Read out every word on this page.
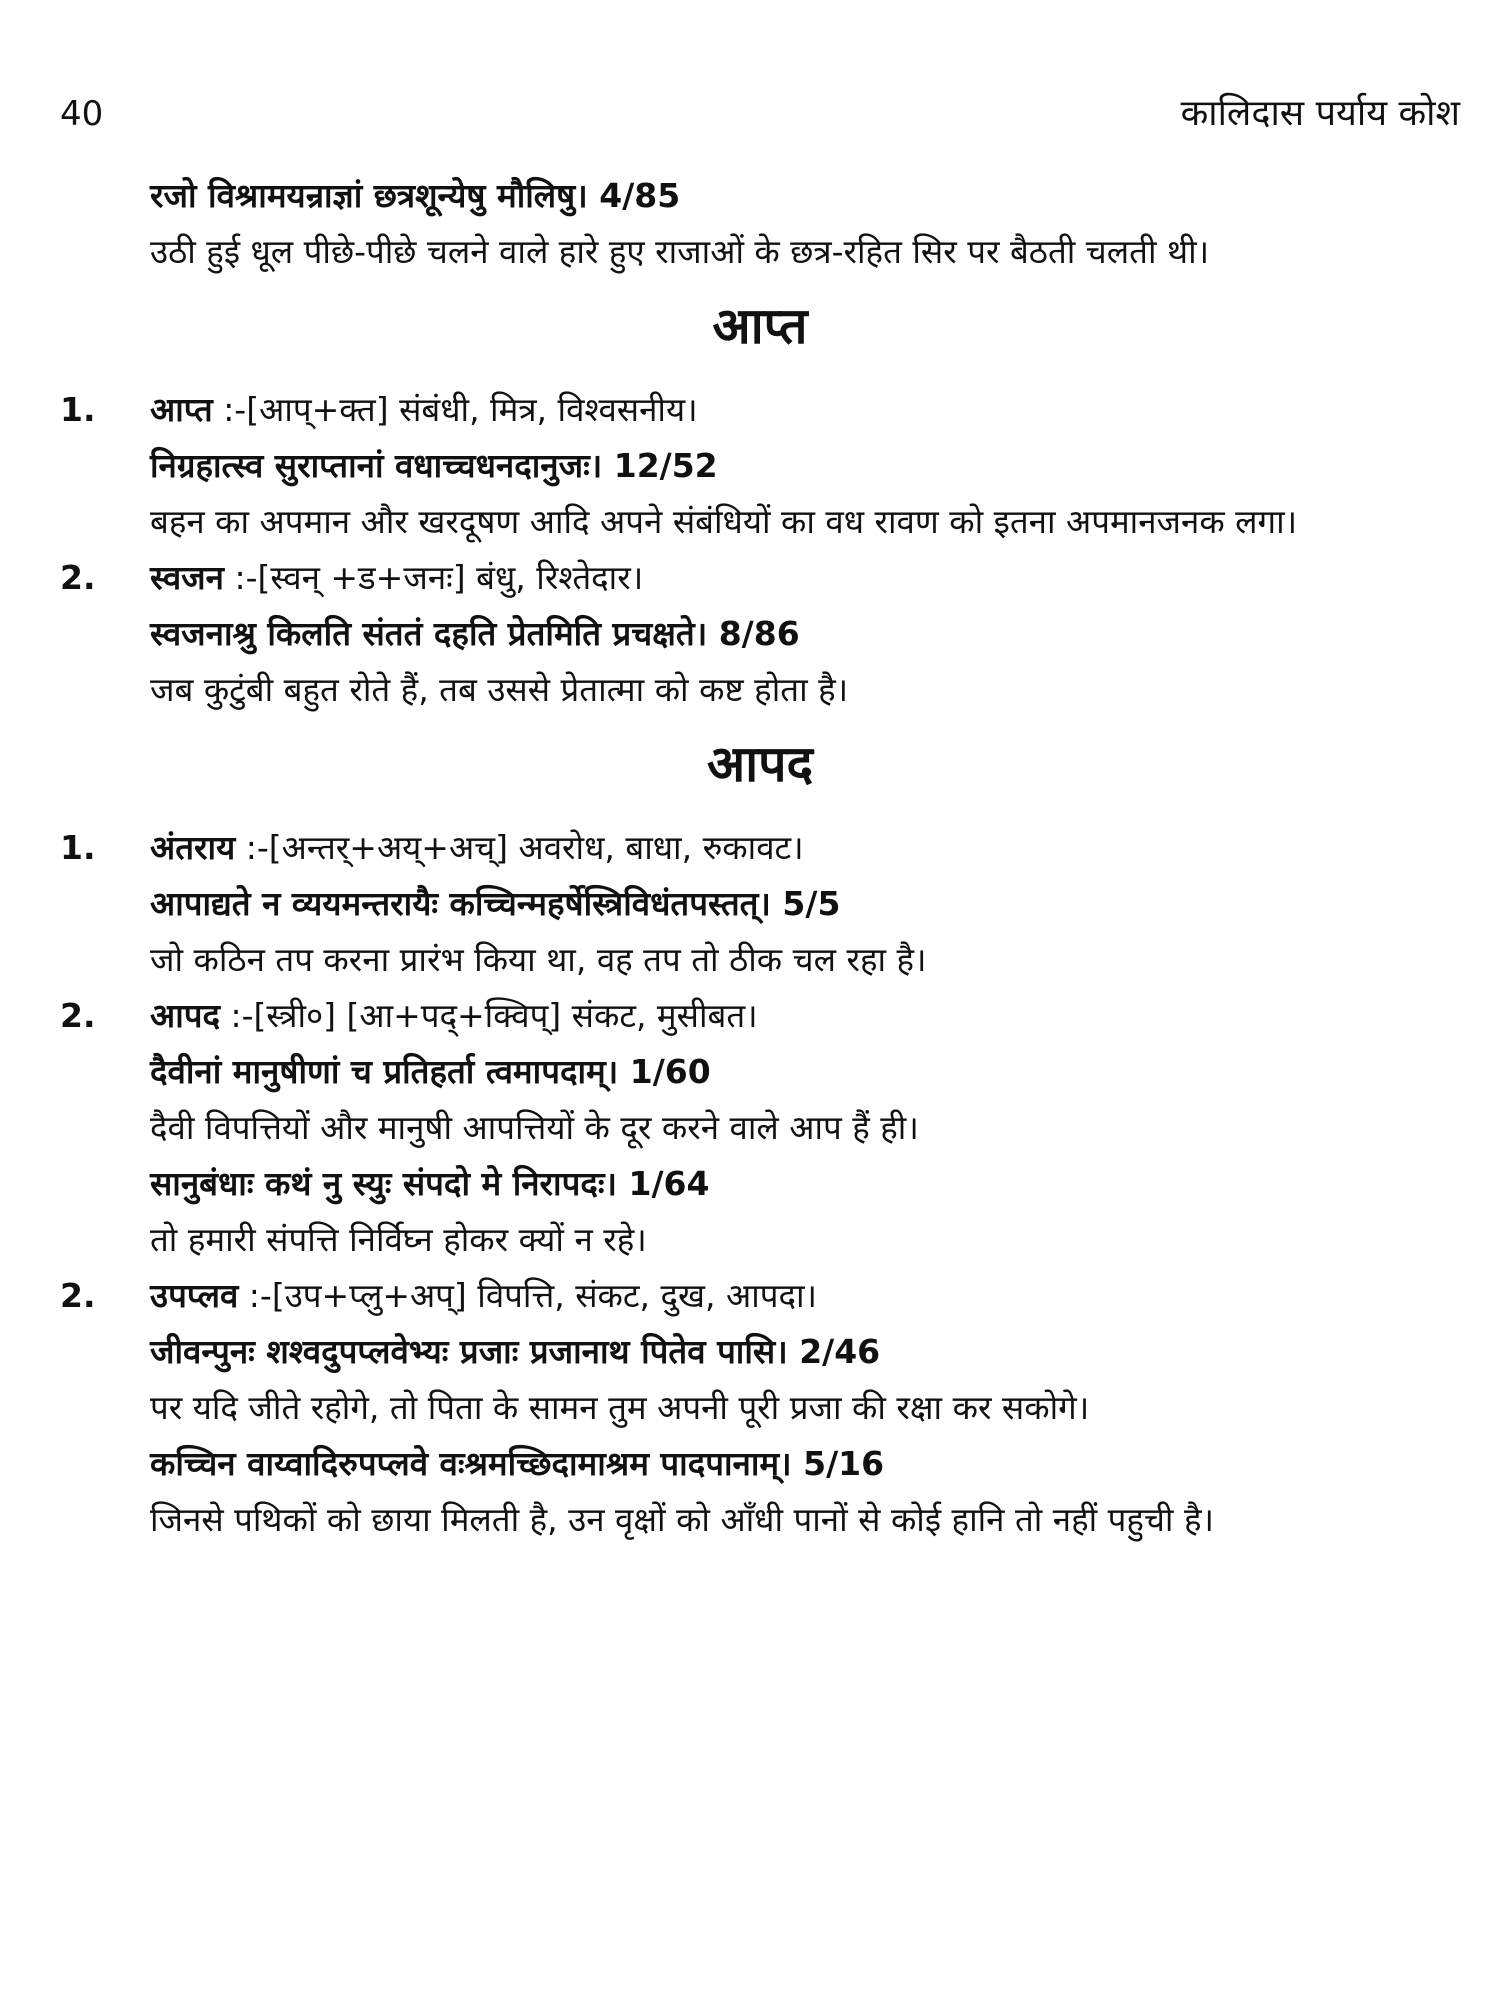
40	कालिदास पर्याय कोश
रजो विश्रामयन्राज्ञां छत्रशून्येषु मौलिषु। 4/85
उठी हुई धूल पीछे-पीछे चलने वाले हारे हुए राजाओं के छत्र-रहित सिर पर बैठती चलती थी।
आप्त
1. आप्त :-[आप्+क्त] संबंधी, मित्र, विश्वसनीय।
निग्रहात्स्व सुराप्तानां वधाच्चधनदानुजः। 12/52
बहन का अपमान और खरदूषण आदि अपने संबंधियों का वध रावण को इतना अपमानजनक लगा।
2. स्वजन :-[स्वन् +ड+जनः] बंधु, रिश्तेदार।
स्वजनाश्रु किलति संततं दहति प्रेतमिति प्रचक्षते। 8/86
जब कुटुंबी बहुत रोते हैं, तब उससे प्रेतात्मा को कष्ट होता है।
आपद
1. अंतराय :-[अन्तर्+अय्+अच्] अवरोध, बाधा, रुकावट।
आपाद्यते न व्ययमन्तरायैः कच्चिन्महर्षेस्त्रिविधंतपस्तत्। 5/5
जो कठिन तप करना प्रारंभ किया था, वह तप तो ठीक चल रहा है।
2. आपद :-[स्त्री०] [आ+पद्+क्विप्] संकट, मुसीबत।
दैवीनां मानुषीणां च प्रतिहर्ता त्वमापदाम्। 1/60
दैवी विपत्तियों और मानुषी आपत्तियों के दूर करने वाले आप हैं ही।
सानुबंधाः कथं नु स्युः संपदो मे निरापदः। 1/64
तो हमारी संपत्ति निर्विघ्न होकर क्यों न रहे।
2. उपप्लव :-[उप+प्लु+अप्] विपत्ति, संकट, दुख, आपदा।
जीवन्पुनः शश्वदुपप्लवेभ्यः प्रजाः प्रजानाथ पितेव पासि। 2/46
पर यदि जीते रहोगे, तो पिता के सामन तुम अपनी पूरी प्रजा की रक्षा कर सकोगे।
कच्चिन वाय्वादिरुपप्लवे वःश्रमच्छिदामाश्रम पादपानाम्। 5/16
जिनसे पथिकों को छाया मिलती है, उन वृक्षों को आँधी पानों से कोई हानि तो नहीं पहुची है।
